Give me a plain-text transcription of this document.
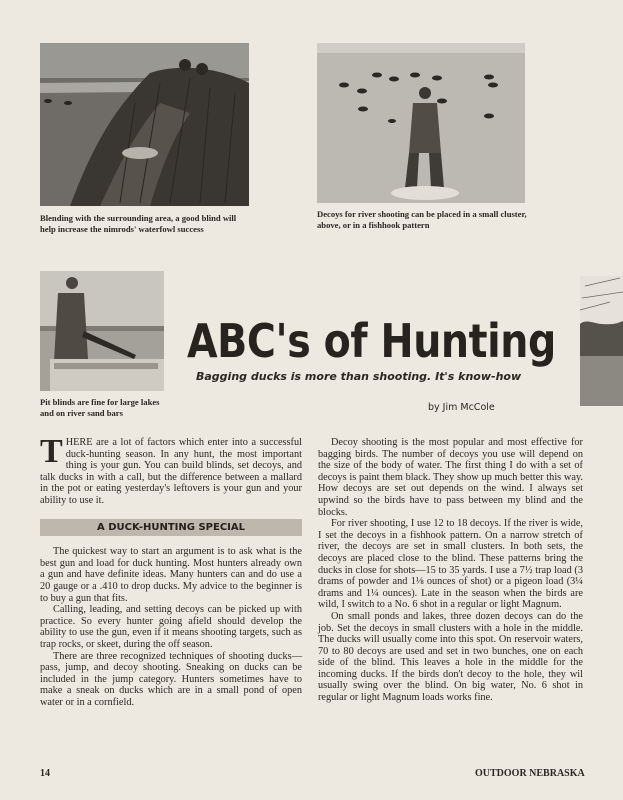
Blending with the surrounding area, a good blind will help increase the nimrods' waterfowl success
Decoys for river shooting can be placed in a small cluster, above, or in a fishhook pattern
Pit blinds are fine for large lakes and on river sand bars
ABC's of Hunting
Bagging ducks is more than shooting. It's know-how
by Jim McCole

THERE are a lot of factors which enter into a successful duck-hunting season. In any hunt, the most important thing is your gun. You can build blinds, set decoys, and talk ducks in with a call, but the difference between a mallard in the pot or eating yesterday's leftovers is your gun and your ability to use it.

A DUCK-HUNTING SPECIAL

The quickest way to start an argument is to ask what is the best gun and load for duck hunting. Most hunters already own a gun and have definite ideas. Many hunters can and do use a 20 gauge or a .410 to drop ducks. My advice to the beginner is to buy a gun that fits.

Calling, leading, and setting decoys can be picked up with practice. So every hunter going afield should develop the ability to use the gun, even if it means shooting targets, such as trap rocks, or skeet, during the off season.

There are three recognized techniques of shooting ducks—pass, jump, and decoy shooting. Sneaking on ducks can be included in the jump category. Hunters sometimes have to make a sneak on ducks which are in a small pond of open water or in a cornfield.

Decoy shooting is the most popular and most effective for bagging birds. The number of decoys you use will depend on the size of the body of water. The first thing I do with a set of decoys is paint them black. They show up much better this way. How decoys are set out depends on the wind. I always set upwind so the birds have to pass between my blind and the blocks.

For river shooting, I use 12 to 18 decoys. If the river is wide, I set the decoys in a fishhook pattern. On a narrow stretch of river, the decoys are set in small clusters. In both sets, the decoys are placed close to the blind. These patterns bring the ducks in close for shots—15 to 35 yards. I use a 7½ trap load (3 drams of powder and 1⅛ ounces of shot) or a pigeon load (3¼ drams and 1¼ ounces). Late in the season when the birds are wild, I switch to a No. 6 shot in a regular or light Magnum.

On small ponds and lakes, three dozen decoys can do the job. Set the decoys in small clusters with a hole in the middle. The ducks will usually come into this spot. On reservoir waters, 70 to 80 decoys are used and set in two bunches, one on each side of the blind. This leaves a hole in the middle for the incoming ducks. If the birds don't decoy to the hole, they wil usually swing over the blind. On big water, No. 6 shot in regular or light Magnum loads works fine.

14	OUTDOOR NEBRASKA
